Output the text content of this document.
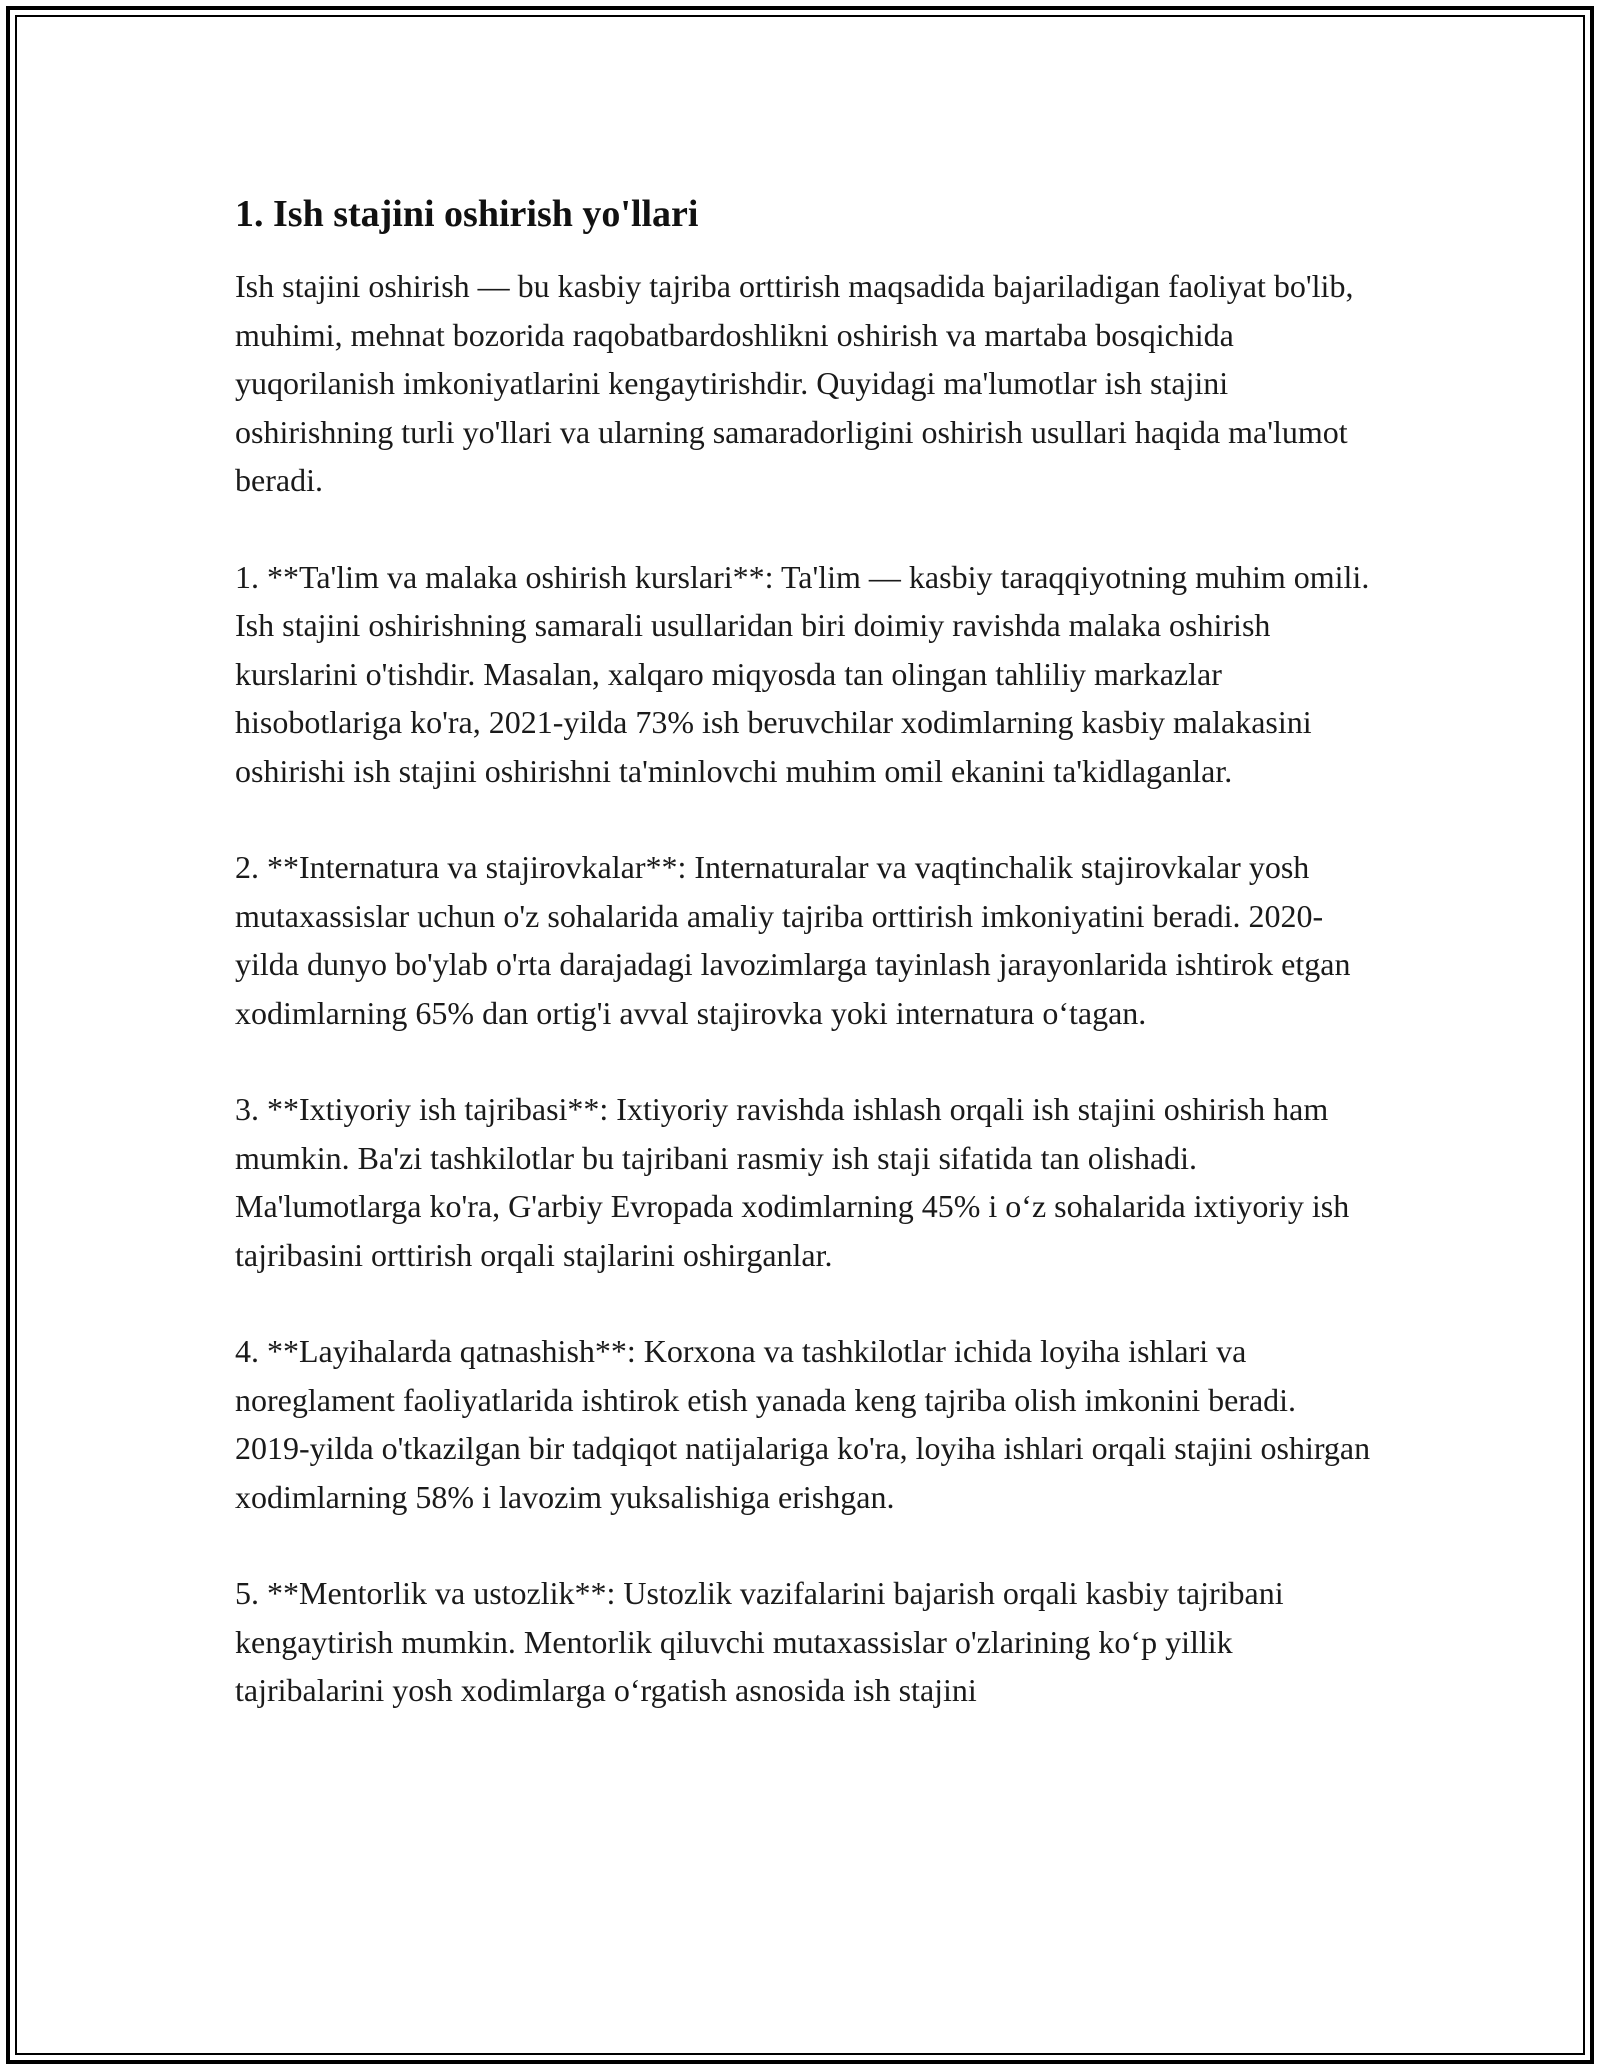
1. Ish stajini oshirish yo'llari

Ish stajini oshirish — bu kasbiy tajriba orttirish maqsadida bajariladigan faoliyat bo'lib, muhimi, mehnat bozorida raqobatbardoshlikni oshirish va martaba bosqichida yuqorilanish imkoniyatlarini kengaytirishdir. Quyidagi ma'lumotlar ish stajini oshirishning turli yo'llari va ularning samaradorligini oshirish usullari haqida ma'lumot beradi.

1. **Ta'lim va malaka oshirish kurslari**: Ta'lim — kasbiy taraqqiyotning muhim omili. Ish stajini oshirishning samarali usullaridan biri doimiy ravishda malaka oshirish kurslarini o'tishdir. Masalan, xalqaro miqyosda tan olingan tahliliy markazlar hisobotlariga ko'ra, 2021-yilda 73% ish beruvchilar xodimlarning kasbiy malakasini oshirishi ish stajini oshirishni ta'minlovchi muhim omil ekanini ta'kidlaganlar.

2. **Internatura va stajirovkalar**: Internaturalar va vaqtinchalik stajirovkalar yosh mutaxassislar uchun o'z sohalarida amaliy tajriba orttirish imkoniyatini beradi. 2020-yilda dunyo bo'ylab o'rta darajadagi lavozimlarga tayinlash jarayonlarida ishtirok etgan xodimlarning 65% dan ortig'i avval stajirovka yoki internatura o‘tagan.

3. **Ixtiyoriy ish tajribasi**: Ixtiyoriy ravishda ishlash orqali ish stajini oshirish ham mumkin. Ba'zi tashkilotlar bu tajribani rasmiy ish staji sifatida tan olishadi. Ma'lumotlarga ko'ra, G'arbiy Evropada xodimlarning 45% i o‘z sohalarida ixtiyoriy ish tajribasini orttirish orqali stajlarini oshirganlar.

4. **Layihalarda qatnashish**: Korxona va tashkilotlar ichida loyiha ishlari va noreglament faoliyatlarida ishtirok etish yanada keng tajriba olish imkonini beradi. 2019-yilda o'tkazilgan bir tadqiqot natijalariga ko'ra, loyiha ishlari orqali stajini oshirgan xodimlarning 58% i lavozim yuksalishiga erishgan.

5. **Mentorlik va ustozlik**: Ustozlik vazifalarini bajarish orqali kasbiy tajribani kengaytirish mumkin. Mentorlik qiluvchi mutaxassislar o'zlarining ko‘p yillik tajribalarini yosh xodimlarga o‘rgatish asnosida ish stajini
